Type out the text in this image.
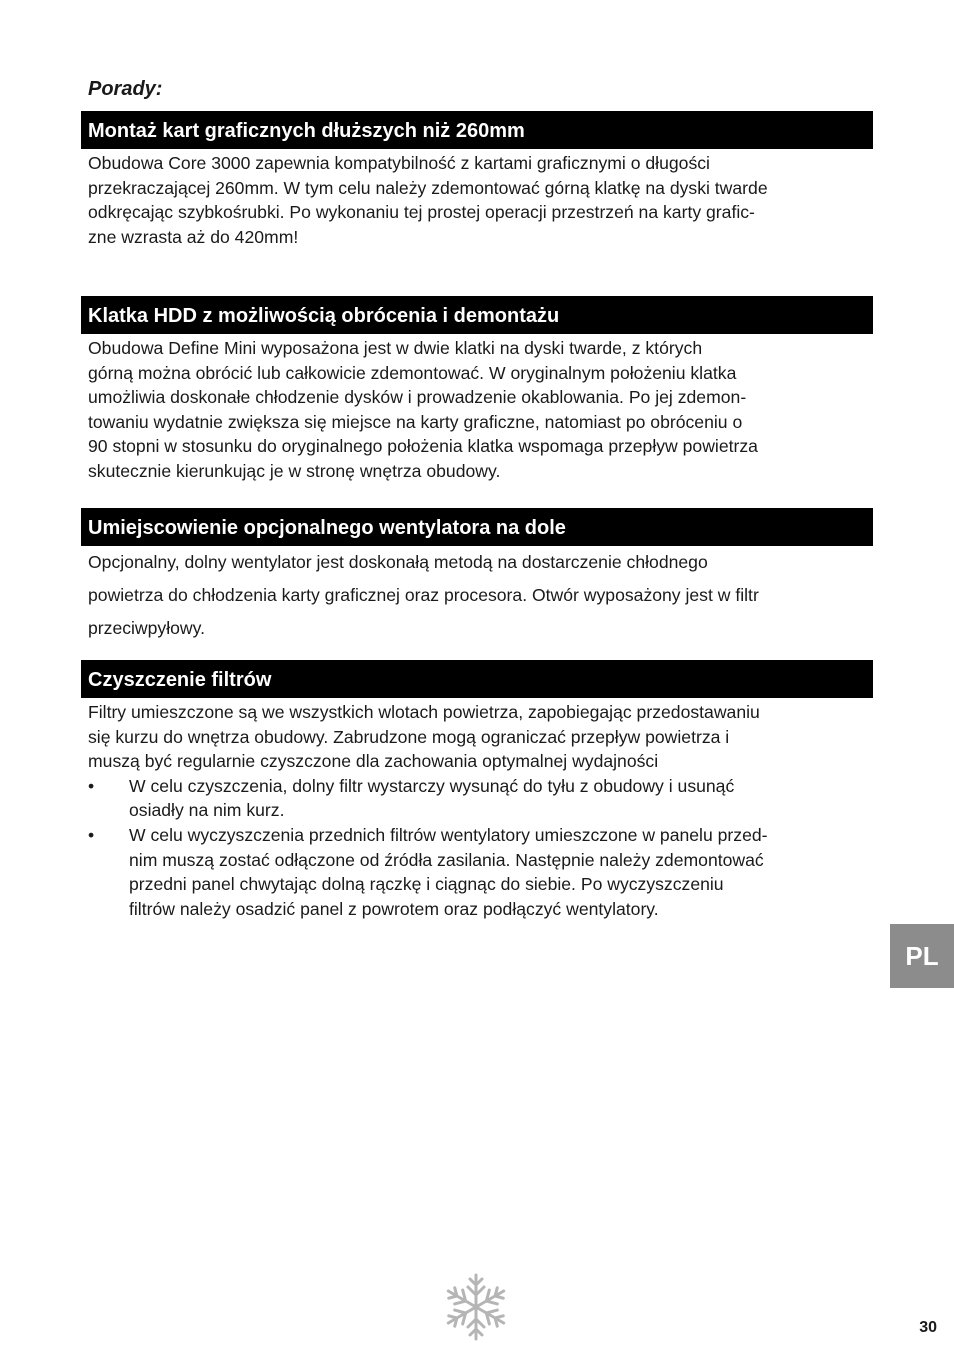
Porady:

Montaż kart graficznych dłuższych niż 260mm
Obudowa Core 3000 zapewnia kompatybilność z kartami graficznymi o długości
przekraczającej 260mm. W tym celu należy zdemontować górną klatkę na dyski twarde
odkręcając szybkośrubki. Po wykonaniu tej prostej operacji przestrzeń na karty grafic-
zne wzrasta aż do 420mm!
Klatka HDD z możliwością obrócenia i demontażu
Obudowa Define Mini wyposażona jest w dwie klatki na dyski twarde, z których
górną można obrócić lub całkowicie zdemontować. W oryginalnym położeniu klatka
umożliwia doskonałe chłodzenie dysków i prowadzenie okablowania. Po jej zdemon-
towaniu wydatnie zwiększa się miejsce na karty graficzne, natomiast po obróceniu o
90 stopni w stosunku do oryginalnego położenia klatka wspomaga przepływ powietrza
skutecznie kierunkując je w stronę wnętrza obudowy.
Umiejscowienie opcjonalnego wentylatora na dole
Opcjonalny, dolny wentylator jest doskonałą metodą na dostarczenie chłodnego
powietrza do chłodzenia karty graficznej oraz procesora. Otwór wyposażony jest w filtr
przeciwpyłowy.
Czyszczenie filtrów
Filtry umieszczone są we wszystkich wlotach powietrza, zapobiegając przedostawaniu
się kurzu do wnętrza obudowy. Zabrudzone mogą ograniczać przepływ powietrza i
muszą być regularnie czyszczone dla zachowania optymalnej wydajności
• W celu czyszczenia, dolny filtr wystarczy wysunąć do tyłu z obudowy i usunąć
osiadły na nim kurz.
• W celu wyczyszczenia przednich filtrów wentylatory umieszczone w panelu przed-
nim muszą zostać odłączone od źródła zasilania. Następnie należy zdemontować
przedni panel chwytając dolną rączkę i ciągnąc do siebie. Po wyczyszczeniu
filtrów należy osadzić panel z powrotem oraz podłączyć wentylatory.
PL
30
